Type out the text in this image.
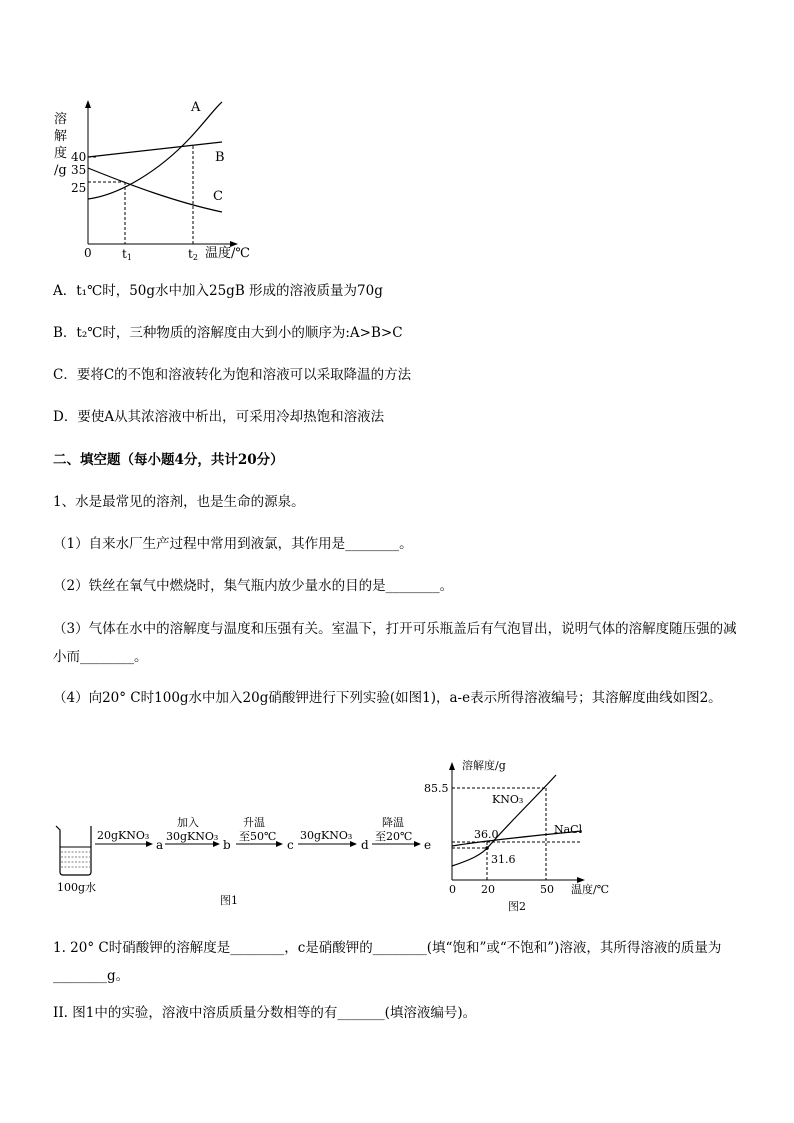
溶
解
度
/g
40
35
25
0	t1	t2 温度/℃
A
B
C
A．t₁℃时，50g水中加入25gB 形成的溶液质量为70g
B．t₂℃时，三种物质的溶解度由大到小的顺序为:A>B>C
C．要将C的不饱和溶液转化为饱和溶液可以采取降温的方法
D．要使A从其浓溶液中析出，可采用冷却热饱和溶液法
二、填空题（每小题4分，共计20分）
1、水是最常见的溶剂，也是生命的源泉。
（1）自来水厂生产过程中常用到液氯，其作用是________。
（2）铁丝在氧气中燃烧时，集气瓶内放少量水的目的是________。
（3）气体在水中的溶解度与温度和压强有关。室温下，打开可乐瓶盖后有气泡冒出，说明气体的溶解度随压强的减小而________。
（4）向20° C时100g水中加入20g硝酸钾进行下列实验(如图1)，a-e表示所得溶液编号；其溶解度曲线如图2。
100g水
20gKNO₃
a
加入
30gKNO₃
b
升温
至50℃
c
30gKNO₃
d
降温
至20℃
e
图1
溶解度/g
85.5
36.0
31.6
KNO₃
NaCl
0 20	50 温度/℃
图2
1. 20° C时硝酸钾的溶解度是________，c是硝酸钾的________(填“饱和”或“不饱和”)溶液，其所得溶液的质量为________g。
II. 图1中的实验，溶液中溶质质量分数相等的有_______(填溶液编号)。
